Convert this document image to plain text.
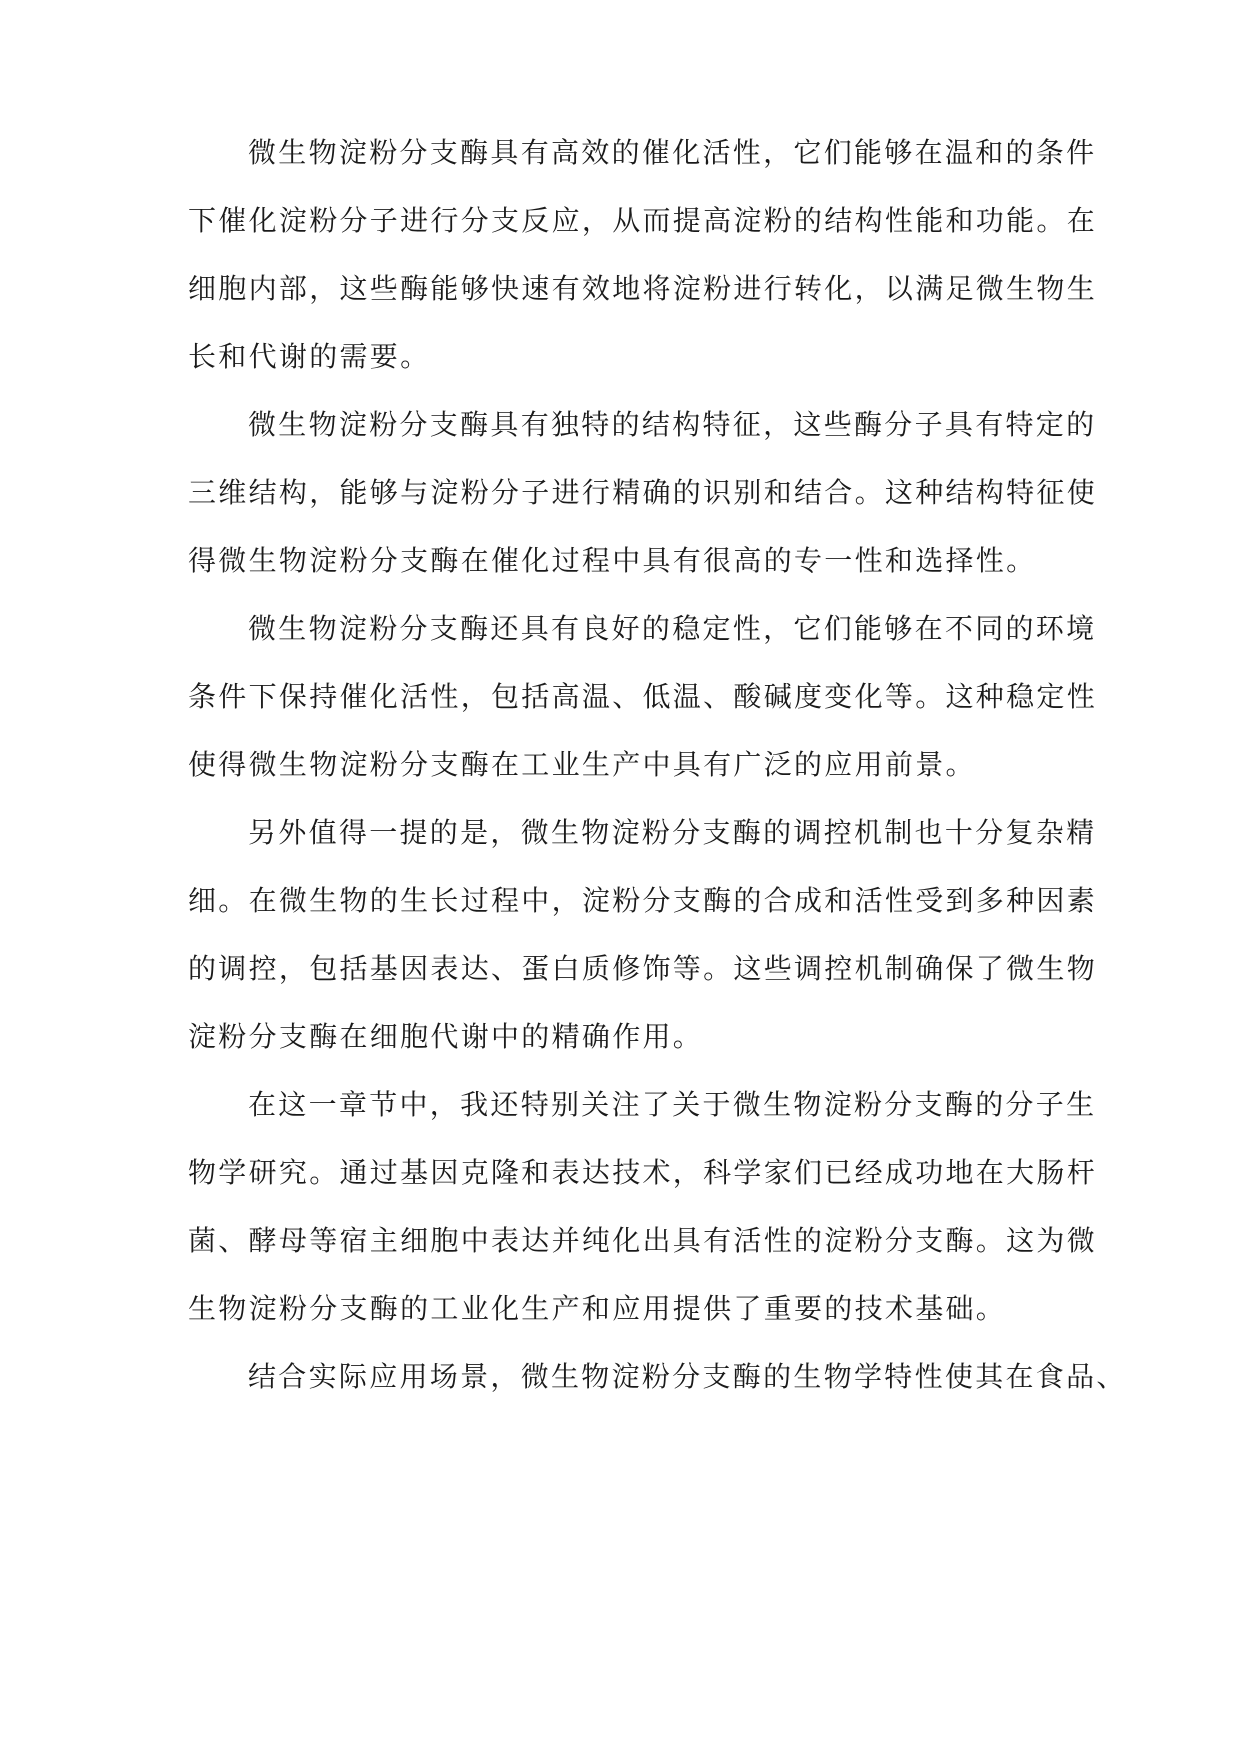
微生物淀粉分支酶具有高效的催化活性，它们能够在温和的条件
下催化淀粉分子进行分支反应，从而提高淀粉的结构性能和功能。在
细胞内部，这些酶能够快速有效地将淀粉进行转化，以满足微生物生
长和代谢的需要。
微生物淀粉分支酶具有独特的结构特征，这些酶分子具有特定的
三维结构，能够与淀粉分子进行精确的识别和结合。这种结构特征使
得微生物淀粉分支酶在催化过程中具有很高的专一性和选择性。
微生物淀粉分支酶还具有良好的稳定性，它们能够在不同的环境
条件下保持催化活性，包括高温、低温、酸碱度变化等。这种稳定性
使得微生物淀粉分支酶在工业生产中具有广泛的应用前景。
另外值得一提的是，微生物淀粉分支酶的调控机制也十分复杂精
细。在微生物的生长过程中，淀粉分支酶的合成和活性受到多种因素
的调控，包括基因表达、蛋白质修饰等。这些调控机制确保了微生物
淀粉分支酶在细胞代谢中的精确作用。
在这一章节中，我还特别关注了关于微生物淀粉分支酶的分子生
物学研究。通过基因克隆和表达技术，科学家们已经成功地在大肠杆
菌、酵母等宿主细胞中表达并纯化出具有活性的淀粉分支酶。这为微
生物淀粉分支酶的工业化生产和应用提供了重要的技术基础。
结合实际应用场景，微生物淀粉分支酶的生物学特性使其在食品、
